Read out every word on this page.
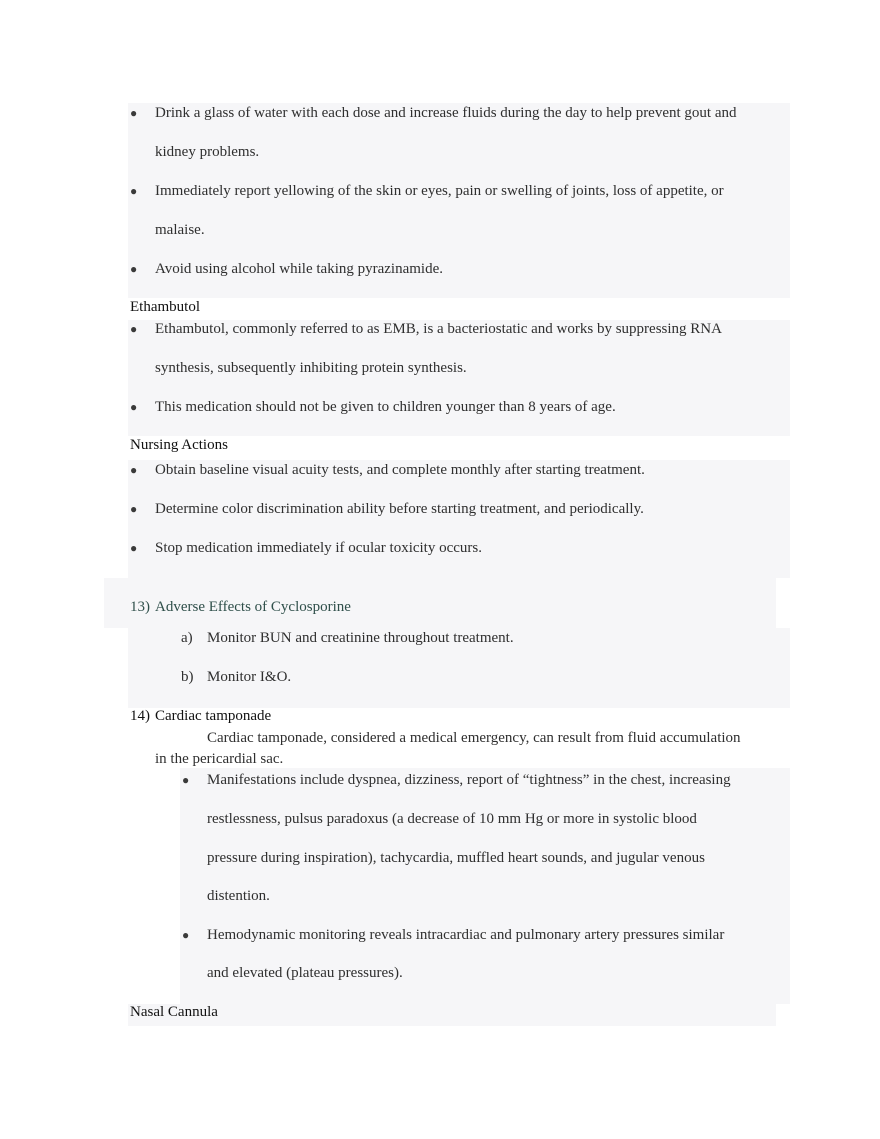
● Drink a glass of water with each dose and increase fluids during the day to help prevent gout and
kidney problems.
● Immediately report yellowing of the skin or eyes, pain or swelling of joints, loss of appetite, or
malaise.
● Avoid using alcohol while taking pyrazinamide.
Ethambutol
● Ethambutol, commonly referred to as EMB, is a bacteriostatic and works by suppressing RNA
synthesis, subsequently inhibiting protein synthesis.
● This medication should not be given to children younger than 8 years of age.
Nursing Actions
● Obtain baseline visual acuity tests, and complete monthly after starting treatment.
● Determine color discrimination ability before starting treatment, and periodically.
● Stop medication immediately if ocular toxicity occurs.
13) Adverse Effects of Cyclosporine
a) Monitor BUN and creatinine throughout treatment.
b) Monitor I&O.
14) Cardiac tamponade
Cardiac tamponade, considered a medical emergency, can result from fluid accumulation
in the pericardial sac.
● Manifestations include dyspnea, dizziness, report of “tightness” in the chest, increasing
restlessness, pulsus paradoxus (a decrease of 10 mm Hg or more in systolic blood
pressure during inspiration), tachycardia, muffled heart sounds, and jugular venous
distention.
● Hemodynamic monitoring reveals intracardiac and pulmonary artery pressures similar
and elevated (plateau pressures).
Nasal Cannula
